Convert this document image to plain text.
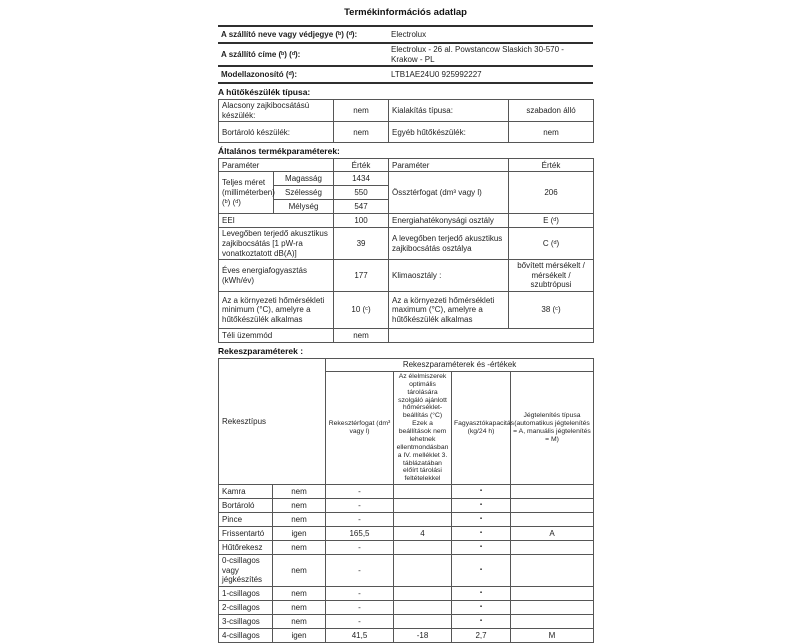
Termékinformációs adatlap
A szállító neve vagy védjegye (ᵇ) (ᵈ):	Electrolux
A szállító címe (ᵇ) (ᵈ):	Electrolux - 26 al. Powstancow Slaskich 30-570 - Krakow - PL
Modellazonosító (ᵈ):	LTB1AE24U0 925992227
A hűtőkészülék típusa:
Alacsony zajkibocsátású készülék:	nem	Kialakítás típusa:	szabadon álló
Bortároló készülék:	nem	Egyéb hűtőkészülék:	nem
Általános termékparaméterek:
Paraméter		Érték	Paraméter	Érték
Teljes méret (milliméterben) (ᵇ) (ᵈ)	Magasság	1434	Össztérfogat (dm³ vagy l)	206
	Szélesség	550		
	Mélység	547		
EEI		100	Energiahatékonysági osztály	E (ᵈ)
Levegőben terjedő akusztikus zajkibocsátás [1 pW-ra vonatkoztatott dB(A)]		39	A levegőben terjedő akusztikus zajkibocsátás osztálya	C (ᵈ)
Éves energiafogyasztás (kWh/év)		177	Klimaosztály :	bővített mérsékelt / mérsékelt / szubtrópusi
Az a környezeti hőmérsékleti minimum (°C), amelyre a hűtőkészülék alkalmas		10 (ᶜ)	Az a környezeti hőmérsékleti maximum (°C), amelyre a hűtőkészülék alkalmas	38 (ᶜ)
Téli üzemmód		nem		
Rekeszparaméterek :
Rekesztípus		Rekeszparaméterek és -értékek			
		Rekesztérfogat (dm³ vagy l)	Az élelmiszerek optimális tárolására szolgáló ajánlott hőmérséklet-beállítás (°C) Ezek a beállítások nem lehetnek ellentmondásban a IV. melléklet 3. táblázatában előírt tárolási feltételekkel	Fagyasztókapacitás (kg/24 h)	Jégtelenítés típusa (automatikus jégtelenítés = A, manuális jégtelenítés = M)
Kamra	nem	-		▪	
Bortároló	nem	-		▪	
Pince	nem	-		▪	
Frissentartó	igen	165,5	4	▪	A
Hűtőrekesz	nem	-		▪	
0-csillagos vagy jégkészítés	nem	-		▪	
1-csillagos	nem	-		▪	
2-csillagos	nem	-		▪	
3-csillagos	nem	-		▪	
4-csillagos	igen	41,5	-18	2,7	M
